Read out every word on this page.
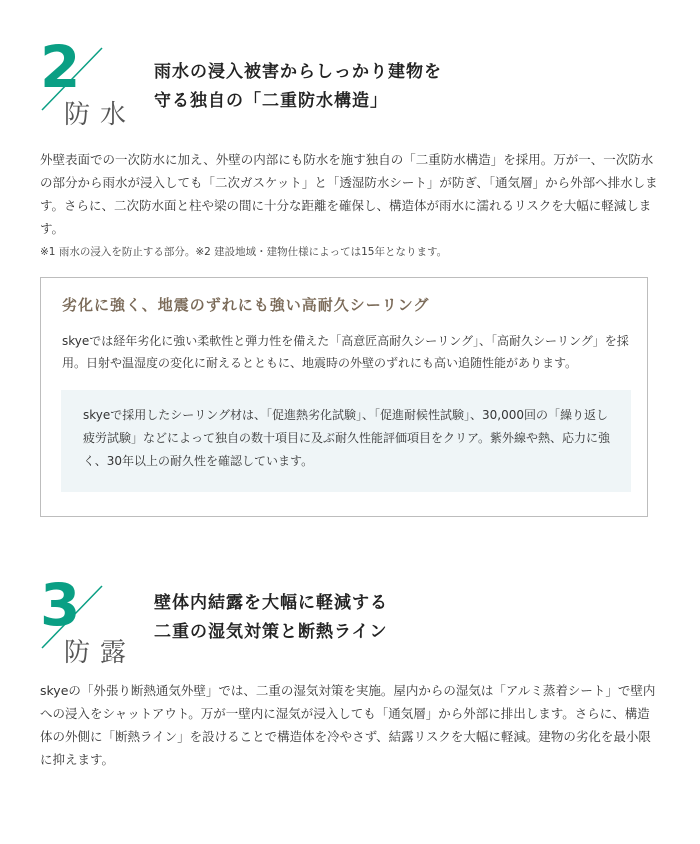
2
防水
雨水の浸入被害からしっかり建物を
守る独自の「二重防水構造」
外壁表面での一次防水に加え、外壁の内部にも防水を施す独自の「二重防水構造」を採用。万が一、一次防水の部分から雨水が浸入しても「二次ガスケット」と「透湿防水シート」が防ぎ、「通気層」から外部へ排水します。さらに、二次防水面と柱や梁の間に十分な距離を確保し、構造体が雨水に濡れるリスクを大幅に軽減します。
※1 雨水の浸入を防止する部分。※2 建設地域・建物仕様によっては15年となります。
劣化に強く、地震のずれにも強い高耐久シーリング
skyeでは経年劣化に強い柔軟性と弾力性を備えた「高意匠高耐久シーリング」、「高耐久シーリング」を採用。日射や温湿度の変化に耐えるとともに、地震時の外壁のずれにも高い追随性能があります。
skyeで採用したシーリング材は、「促進熱劣化試験」、「促進耐候性試験」、30,000回の「繰り返し疲労試験」などによって独自の数十項目に及ぶ耐久性能評価項目をクリア。紫外線や熱、応力に強く、30年以上の耐久性を確認しています。
3
防露
壁体内結露を大幅に軽減する
二重の湿気対策と断熱ライン
skyeの「外張り断熱通気外壁」では、二重の湿気対策を実施。屋内からの湿気は「アルミ蒸着シート」で壁内への浸入をシャットアウト。万が一壁内に湿気が浸入しても「通気層」から外部に排出します。さらに、構造体の外側に「断熱ライン」を設けることで構造体を冷やさず、結露リスクを大幅に軽減。建物の劣化を最小限に抑えます。
